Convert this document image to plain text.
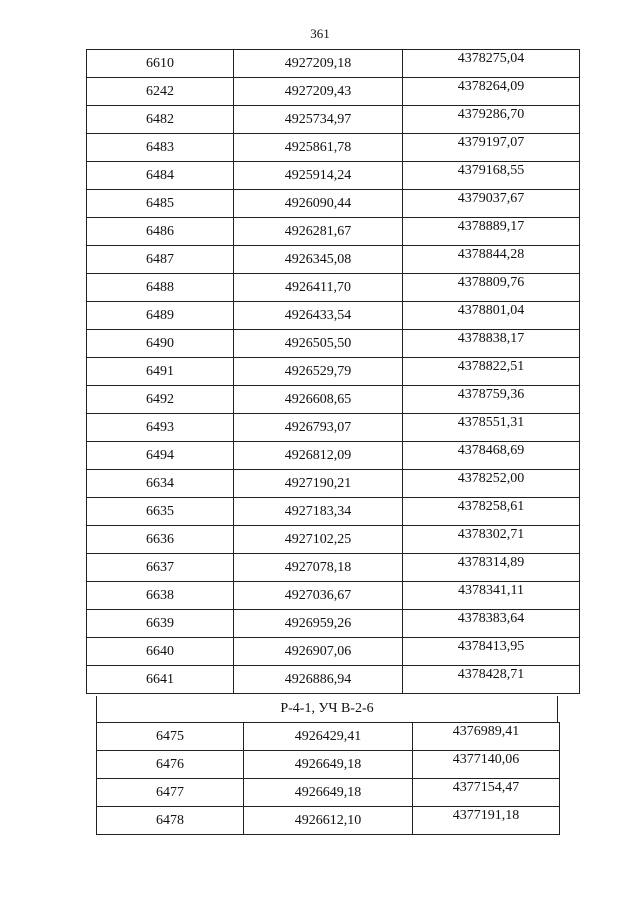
361
6610	4927209,18	4378275,04
6242	4927209,43	4378264,09
6482	4925734,97	4379286,70
6483	4925861,78	4379197,07
6484	4925914,24	4379168,55
6485	4926090,44	4379037,67
6486	4926281,67	4378889,17
6487	4926345,08	4378844,28
6488	4926411,70	4378809,76
6489	4926433,54	4378801,04
6490	4926505,50	4378838,17
6491	4926529,79	4378822,51
6492	4926608,65	4378759,36
6493	4926793,07	4378551,31
6494	4926812,09	4378468,69
6634	4927190,21	4378252,00
6635	4927183,34	4378258,61
6636	4927102,25	4378302,71
6637	4927078,18	4378314,89
6638	4927036,67	4378341,11
6639	4926959,26	4378383,64
6640	4926907,06	4378413,95
6641	4926886,94	4378428,71
Р-4-1, УЧ В-2-6
6475	4926429,41	4376989,41
6476	4926649,18	4377140,06
6477	4926649,18	4377154,47
6478	4926612,10	4377191,18
